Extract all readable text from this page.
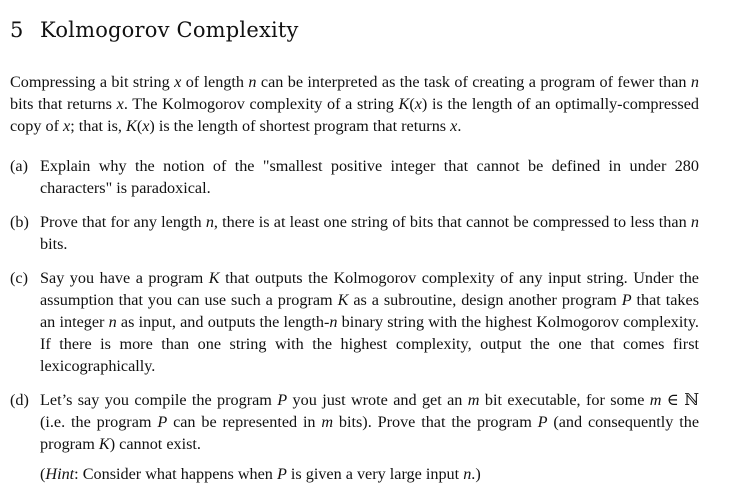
5 Kolmogorov Complexity

Compressing a bit string x of length n can be interpreted as the task of creating a program of fewer than n bits that returns x. The Kolmogorov complexity of a string K(x) is the length of an optimally-compressed copy of x; that is, K(x) is the length of shortest program that returns x.

(a) Explain why the notion of the "smallest positive integer that cannot be defined in under 280 characters" is paradoxical.
(b) Prove that for any length n, there is at least one string of bits that cannot be compressed to less than n bits.
(c) Say you have a program K that outputs the Kolmogorov complexity of any input string. Under the assumption that you can use such a program K as a subroutine, design another program P that takes an integer n as input, and outputs the length-n binary string with the highest Kolmogorov complexity. If there is more than one string with the highest complexity, output the one that comes first lexicographically.
(d) Let’s say you compile the program P you just wrote and get an m bit executable, for some m ∈ ℕ (i.e. the program P can be represented in m bits). Prove that the program P (and consequently the program K) cannot exist.
(Hint: Consider what happens when P is given a very large input n.)
